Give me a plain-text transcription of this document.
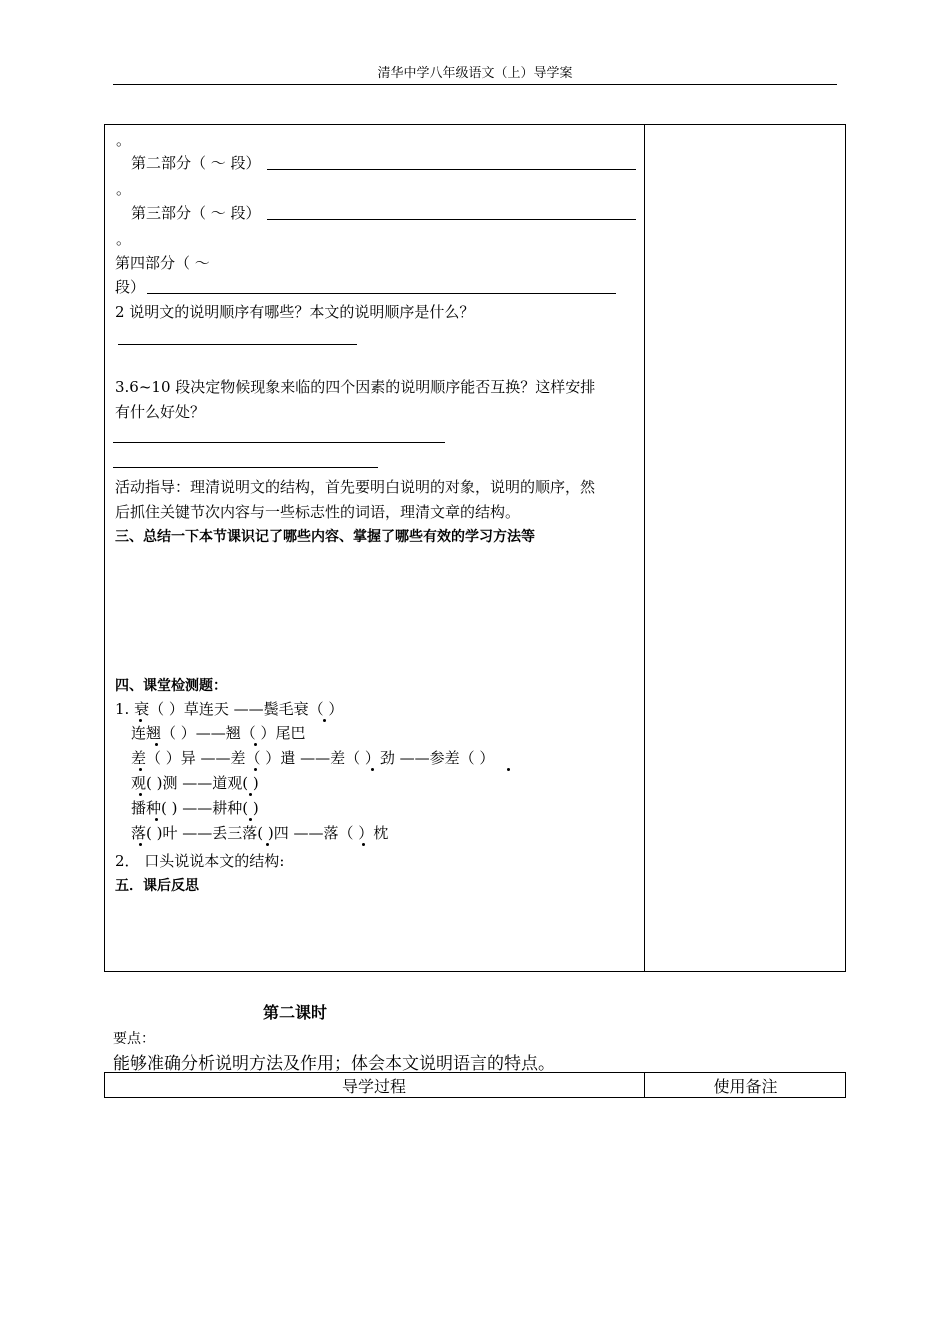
清华中学八年级语文（上）导学案
。
第二部分（ ～ 段）
。
第三部分（ ～ 段）
。
第四部分（ ～
段）
2 说明文的说明顺序有哪些？本文的说明顺序是什么？
3.6~10 段决定物候现象来临的四个因素的说明顺序能否互换？这样安排
有什么好处？
活动指导：理清说明文的结构，首先要明白说明的对象，说明的顺序，然
后抓住关键节次内容与一些标志性的词语，理清文章的结构。
三、总结一下本节课识记了哪些内容、掌握了哪些有效的学习方法等
四、课堂检测题：
1. 衰（ ）草连天 ——鬓毛衰（ ）
连翘（ ）——翘（ ）尾巴
差（ ）异 ——差（ ）遣 ——差（ ）劲 ——参差（ ）
观( )测 ——道观( )
播种( ) ——耕种( )
落( )叶 ——丢三落( )四 ——落（ ）枕
2． 口头说说本文的结构:
五．课后反思
第二课时
要点：
能够准确分析说明方法及作用；体会本文说明语言的特点。
导学过程	使用备注
